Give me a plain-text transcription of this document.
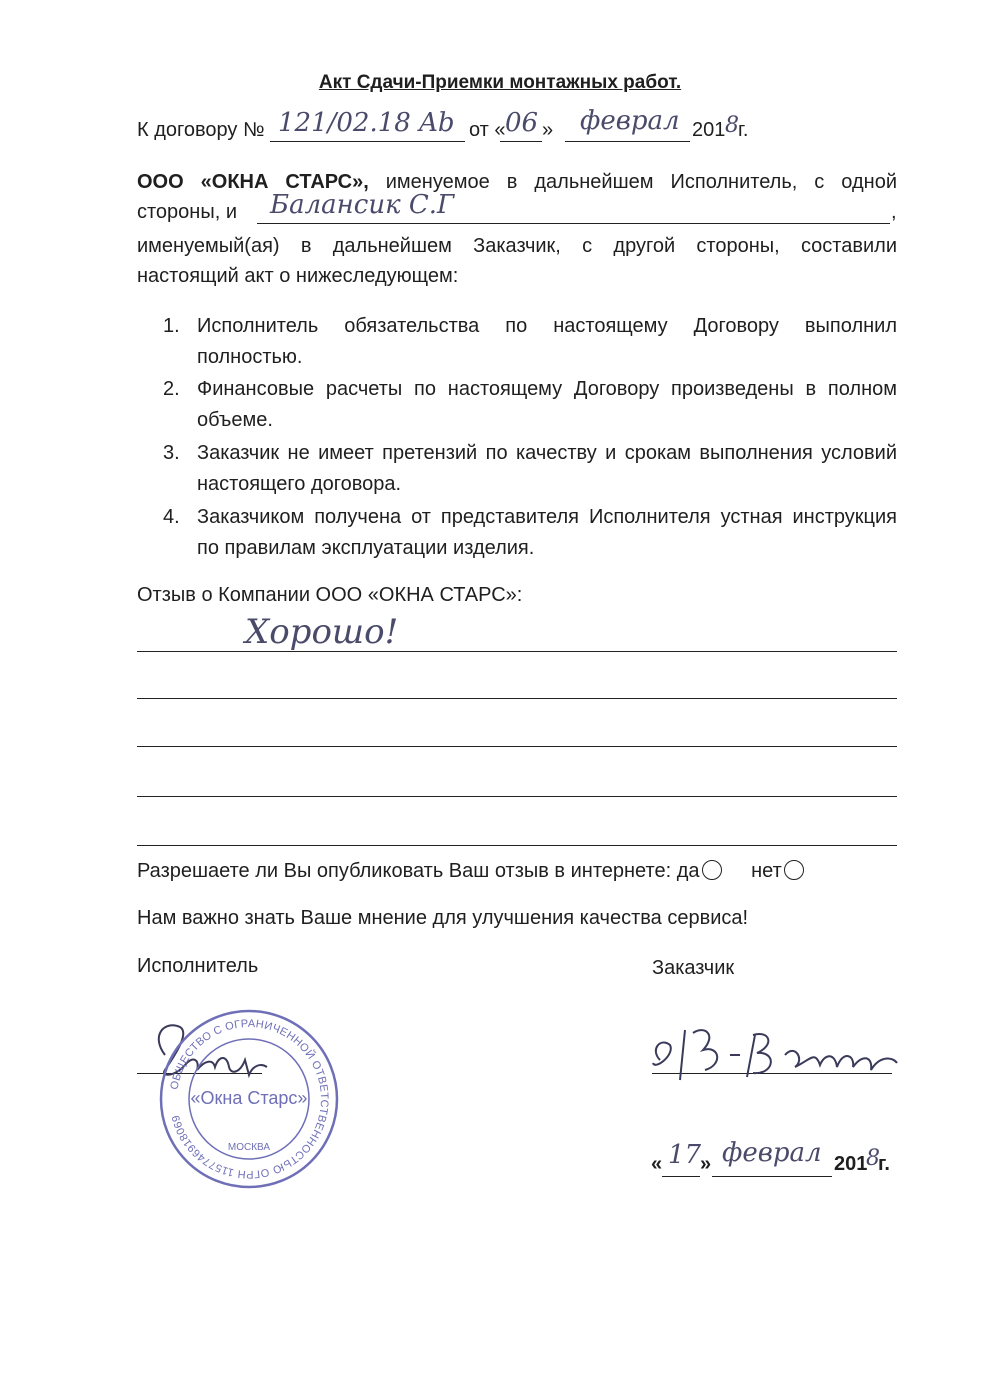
Акт Сдачи-Приемки монтажных работ.
К договору № 121/02.18 Ab от « 06 » феврал 201 8 г.
ООО «ОКНА СТАРС», именуемое в дальнейшем Исполнитель, с одной
стороны, и Балансик С.Г	,
именуемый(ая) в дальнейшем Заказчик, с другой стороны, составили
настоящий акт о нижеследующем:
1. Исполнитель обязательства по настоящему Договору выполнил полностью.
2. Финансовые расчеты по настоящему Договору произведены в полном объеме.
3. Заказчик не имеет претензий по качеству и срокам выполнения условий настоящего договора.
4. Заказчиком получена от представителя Исполнителя устная инструкция по правилам эксплуатации изделия.
Отзыв о Компании ООО «ОКНА СТАРС»:
Хорошо!
Разрешаете ли Вы опубликовать Ваш отзыв в интернете: да	нет
Нам важно знать Ваше мнение для улучшения качества сервиса!
Исполнитель	Заказчик
ОБЩЕСТВО С ОГРАНИЧЕННОЙ ОТВЕТСТВЕННОСТЬЮ ОГРН 1157746918069
«Окна Старс»
МОСКВА
« 17
» феврал 201
8
г.
